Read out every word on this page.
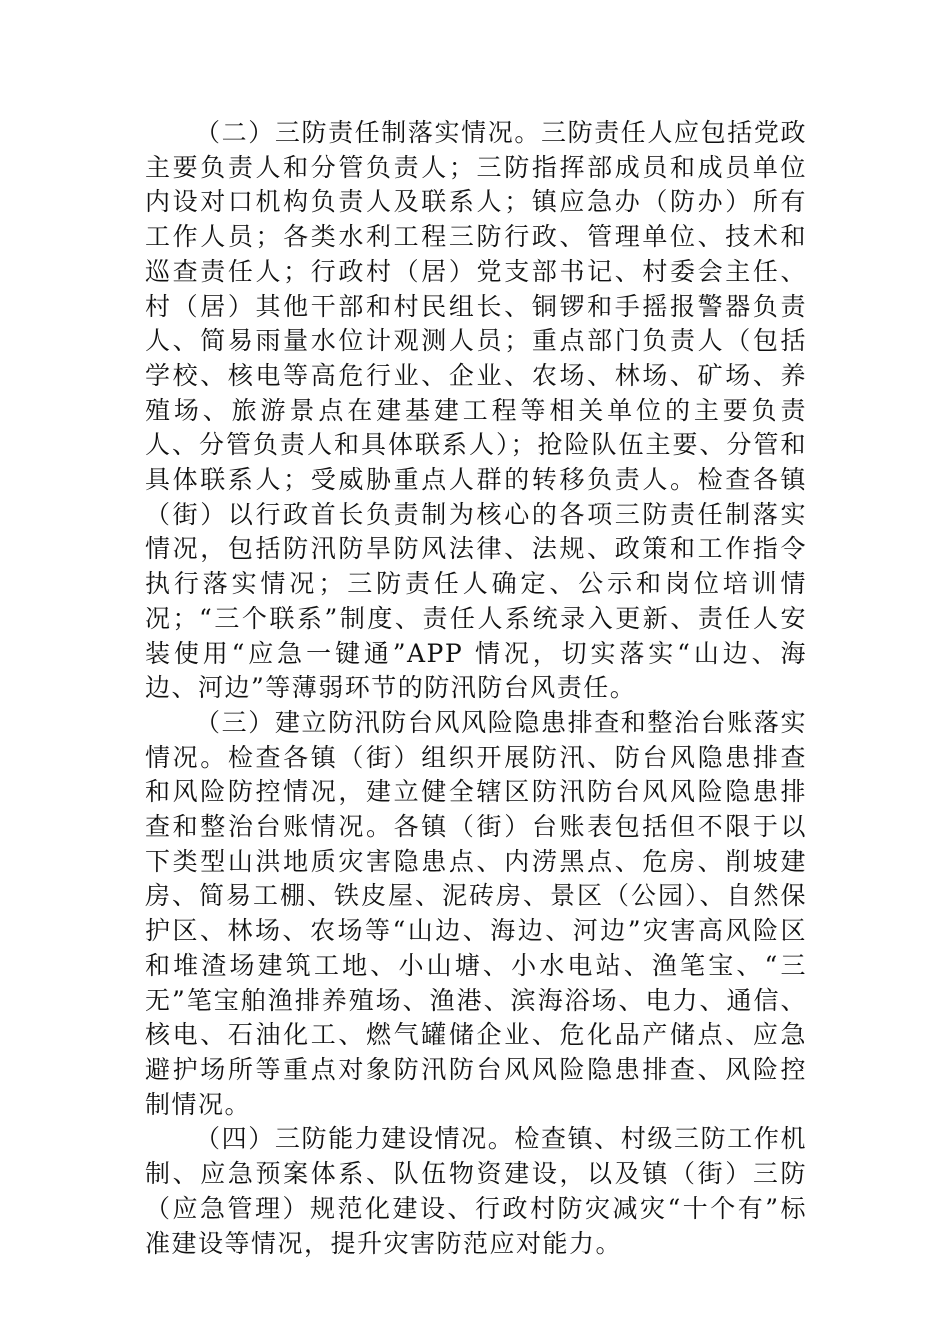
（二）三防责任制落实情况。三防责任人应包括党政主要负责人和分管负责人；三防指挥部成员和成员单位内设对口机构负责人及联系人；镇应急办（防办）所有工作人员；各类水利工程三防行政、管理单位、技术和巡查责任人；行政村（居）党支部书记、村委会主任、村（居）其他干部和村民组长、铜锣和手摇报警器负责人、简易雨量水位计观测人员；重点部门负责人（包括学校、核电等高危行业、企业、农场、林场、矿场、养殖场、旅游景点在建基建工程等相关单位的主要负责人、分管负责人和具体联系人）；抢险队伍主要、分管和具体联系人；受威胁重点人群的转移负责人。检查各镇（街）以行政首长负责制为核心的各项三防责任制落实情况，包括防汛防旱防风法律、法规、政策和工作指令执行落实情况；三防责任人确定、公示和岗位培训情况；“三个联系”制度、责任人系统录入更新、责任人安装使用“应急一键通”APP 情况，切实落实“山边、海边、河边”等薄弱环节的防汛防台风责任。

（三）建立防汛防台风风险隐患排查和整治台账落实情况。检查各镇（街）组织开展防汛、防台风隐患排查和风险防控情况，建立健全辖区防汛防台风风险隐患排查和整治台账情况。各镇（街）台账表包括但不限于以下类型山洪地质灾害隐患点、内涝黑点、危房、削坡建房、简易工棚、铁皮屋、泥砖房、景区（公园）、自然保护区、林场、农场等“山边、海边、河边”灾害高风险区和堆渣场建筑工地、小山塘、小水电站、渔笔宝、“三无”笔宝舶渔排养殖场、渔港、滨海浴场、电力、通信、核电、石油化工、燃气罐储企业、危化品产储点、应急避护场所等重点对象防汛防台风风险隐患排查、风险控制情况。

（四）三防能力建设情况。检查镇、村级三防工作机制、应急预案体系、队伍物资建设，以及镇（街）三防（应急管理）规范化建设、行政村防灾减灾“十个有”标准建设等情况，提升灾害防范应对能力。
